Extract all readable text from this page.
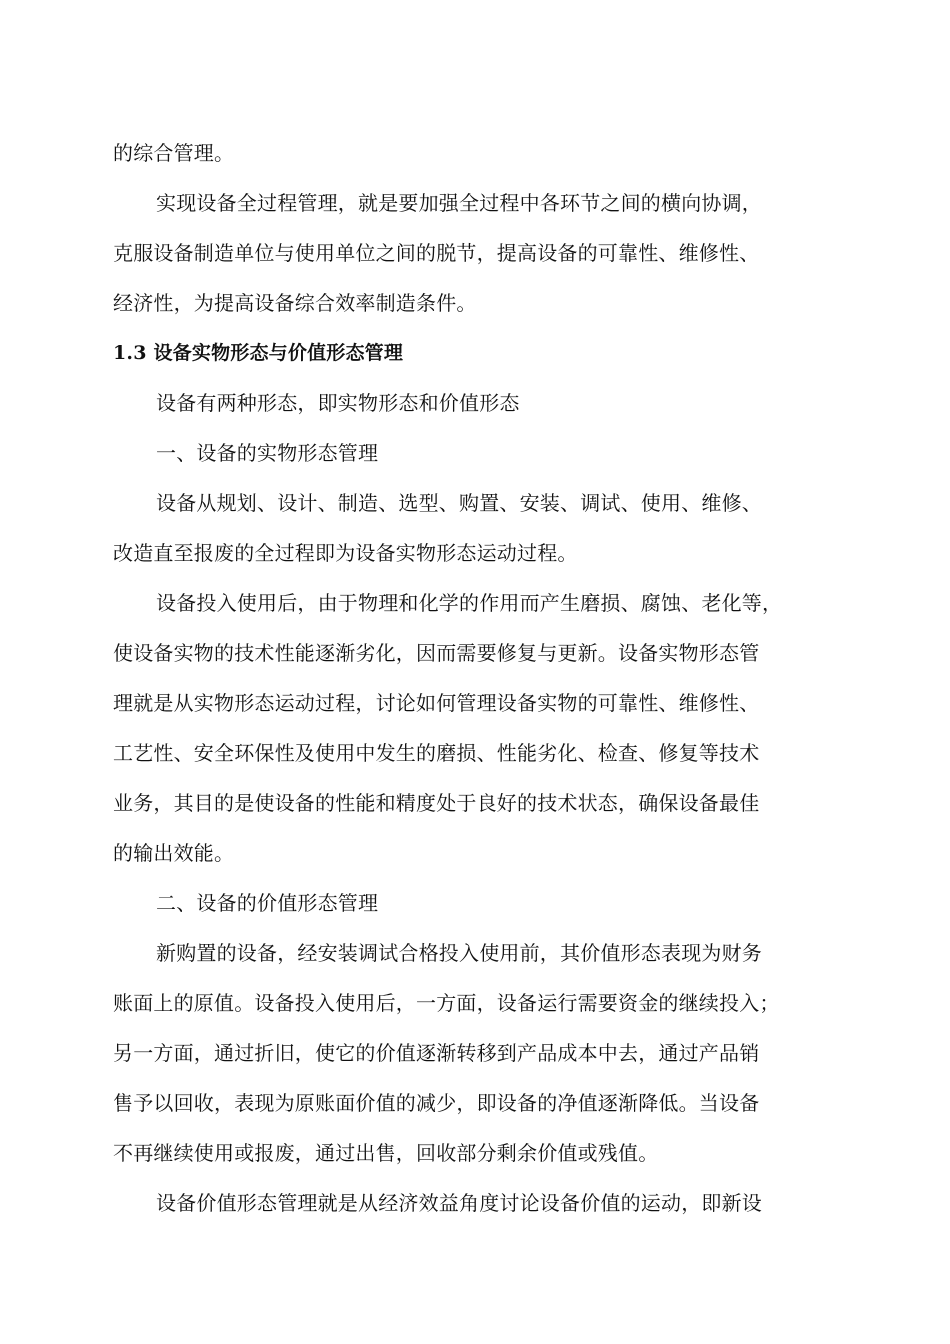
的综合管理。
实现设备全过程管理，就是要加强全过程中各环节之间的横向协调，
克服设备制造单位与使用单位之间的脱节，提高设备的可靠性、维修性、
经济性，为提高设备综合效率制造条件。
1.3 设备实物形态与价值形态管理
设备有两种形态，即实物形态和价值形态
一、设备的实物形态管理
设备从规划、设计、制造、选型、购置、安装、调试、使用、维修、
改造直至报废的全过程即为设备实物形态运动过程。
设备投入使用后，由于物理和化学的作用而产生磨损、腐蚀、老化等，
使设备实物的技术性能逐渐劣化，因而需要修复与更新。设备实物形态管
理就是从实物形态运动过程，讨论如何管理设备实物的可靠性、维修性、
工艺性、安全环保性及使用中发生的磨损、性能劣化、检查、修复等技术
业务，其目的是使设备的性能和精度处于良好的技术状态，确保设备最佳
的输出效能。
二、设备的价值形态管理
新购置的设备，经安装调试合格投入使用前，其价值形态表现为财务
账面上的原值。设备投入使用后，一方面，设备运行需要资金的继续投入；
另一方面，通过折旧，使它的价值逐渐转移到产品成本中去，通过产品销
售予以回收，表现为原账面价值的减少，即设备的净值逐渐降低。当设备
不再继续使用或报废，通过出售，回收部分剩余价值或残值。
设备价值形态管理就是从经济效益角度讨论设备价值的运动，即新设
